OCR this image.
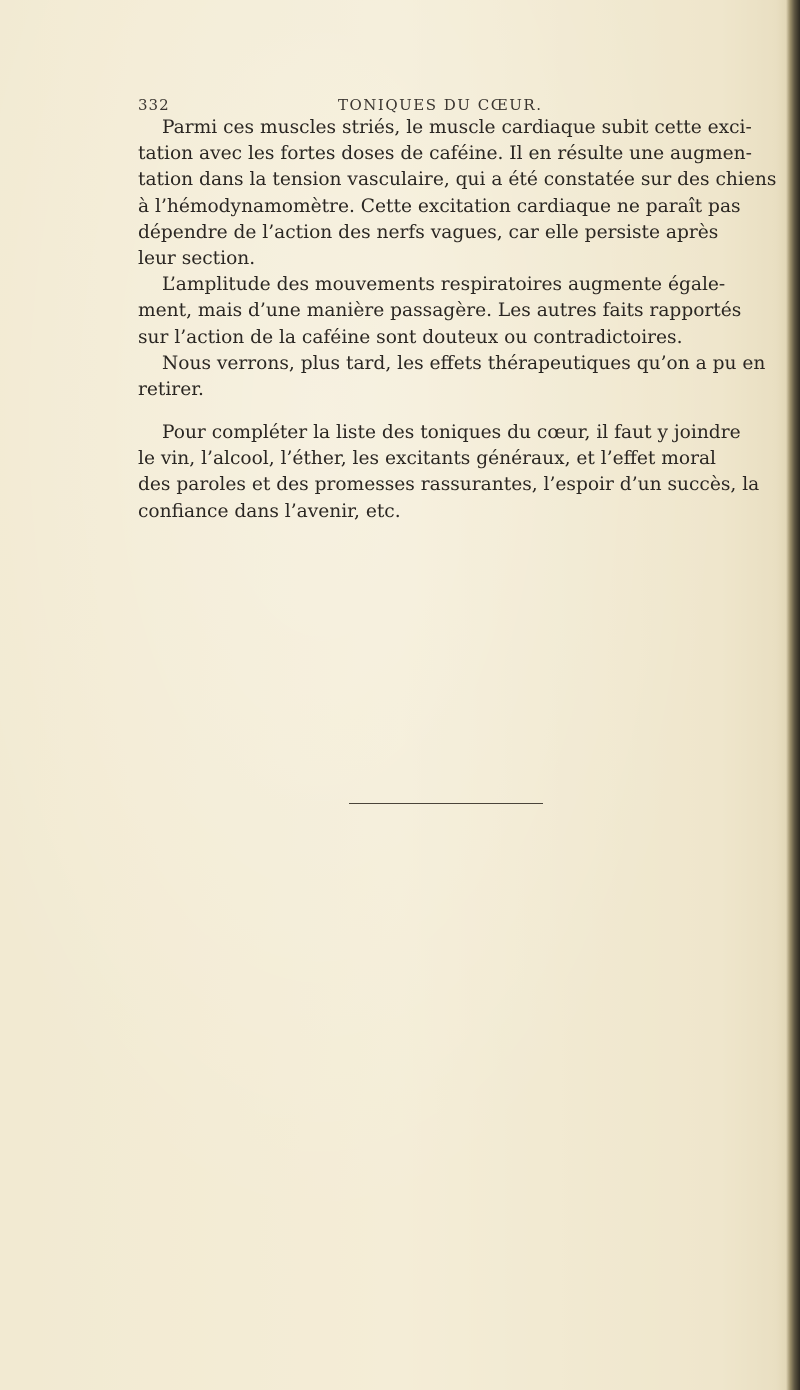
332	TONIQUES DU CŒUR.
Parmi ces muscles striés, le muscle cardiaque subit cette exci-
tation avec les fortes doses de caféine. Il en résulte une augmen-
tation dans la tension vasculaire, qui a été constatée sur des chiens
à l’hémodynamomètre. Cette excitation cardiaque ne paraît pas
dépendre de l’action des nerfs vagues, car elle persiste après
leur section.
L’amplitude des mouvements respiratoires augmente égale-
ment, mais d’une manière passagère. Les autres faits rapportés
sur l’action de la caféine sont douteux ou contradictoires.
Nous verrons, plus tard, les effets thérapeutiques qu’on a pu en
retirer.
Pour compléter la liste des toniques du cœur, il faut y joindre
le vin, l’alcool, l’éther, les excitants généraux, et l’effet moral
des paroles et des promesses rassurantes, l’espoir d’un succès, la
confiance dans l’avenir, etc.
